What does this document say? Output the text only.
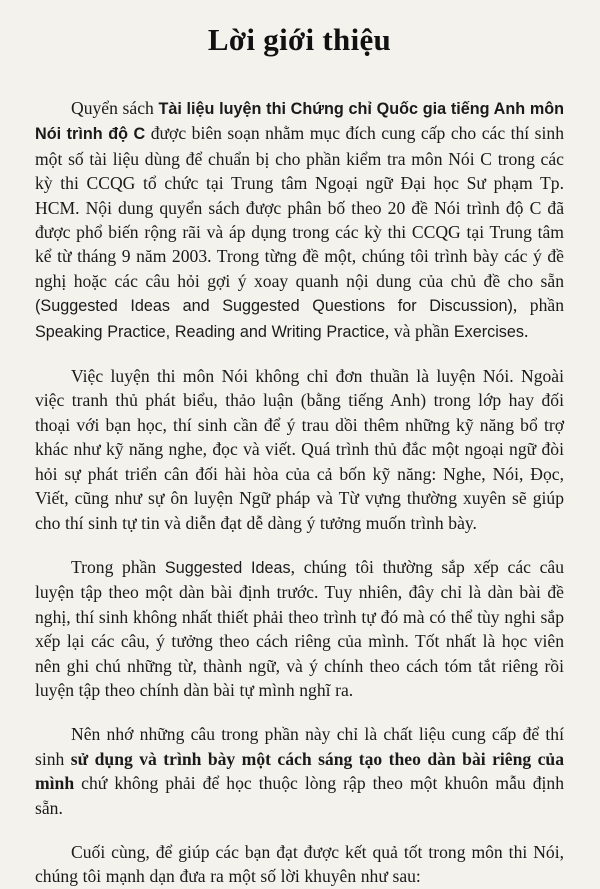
Lời giới thiệu

Quyển sách Tài liệu luyện thi Chứng chỉ Quốc gia tiếng Anh môn Nói trình độ C được biên soạn nhằm mục đích cung cấp cho các thí sinh một số tài liệu dùng để chuẩn bị cho phần kiểm tra môn Nói C trong các kỳ thi CCQG tổ chức tại Trung tâm Ngoại ngữ Đại học Sư phạm Tp. HCM. Nội dung quyển sách được phân bố theo 20 đề Nói trình độ C đã được phổ biến rộng rãi và áp dụng trong các kỳ thi CCQG tại Trung tâm kể từ tháng 9 năm 2003. Trong từng đề một, chúng tôi trình bày các ý đề nghị hoặc các câu hỏi gợi ý xoay quanh nội dung của chủ đề cho sẵn (Suggested Ideas and Suggested Questions for Discussion), phần Speaking Practice, Reading and Writing Practice, và phần Exercises.

Việc luyện thi môn Nói không chỉ đơn thuần là luyện Nói. Ngoài việc tranh thủ phát biểu, thảo luận (bằng tiếng Anh) trong lớp hay đối thoại với bạn học, thí sinh cần để ý trau dồi thêm những kỹ năng bổ trợ khác như kỹ năng nghe, đọc và viết. Quá trình thủ đắc một ngoại ngữ đòi hỏi sự phát triển cân đối hài hòa của cả bốn kỹ năng: Nghe, Nói, Đọc, Viết, cũng như sự ôn luyện Ngữ pháp và Từ vựng thường xuyên sẽ giúp cho thí sinh tự tin và diễn đạt dễ dàng ý tưởng muốn trình bày.

Trong phần Suggested Ideas, chúng tôi thường sắp xếp các câu luyện tập theo một dàn bài định trước. Tuy nhiên, đây chỉ là dàn bài đề nghị, thí sinh không nhất thiết phải theo trình tự đó mà có thể tùy nghi sắp xếp lại các câu, ý tưởng theo cách riêng của mình. Tốt nhất là học viên nên ghi chú những từ, thành ngữ, và ý chính theo cách tóm tắt riêng rồi luyện tập theo chính dàn bài tự mình nghĩ ra.

Nên nhớ những câu trong phần này chỉ là chất liệu cung cấp để thí sinh sử dụng và trình bày một cách sáng tạo theo dàn bài riêng của mình chứ không phải để học thuộc lòng rập theo một khuôn mẫu định sẵn.

Cuối cùng, để giúp các bạn đạt được kết quả tốt trong môn thi Nói, chúng tôi mạnh dạn đưa ra một số lời khuyên như sau:
